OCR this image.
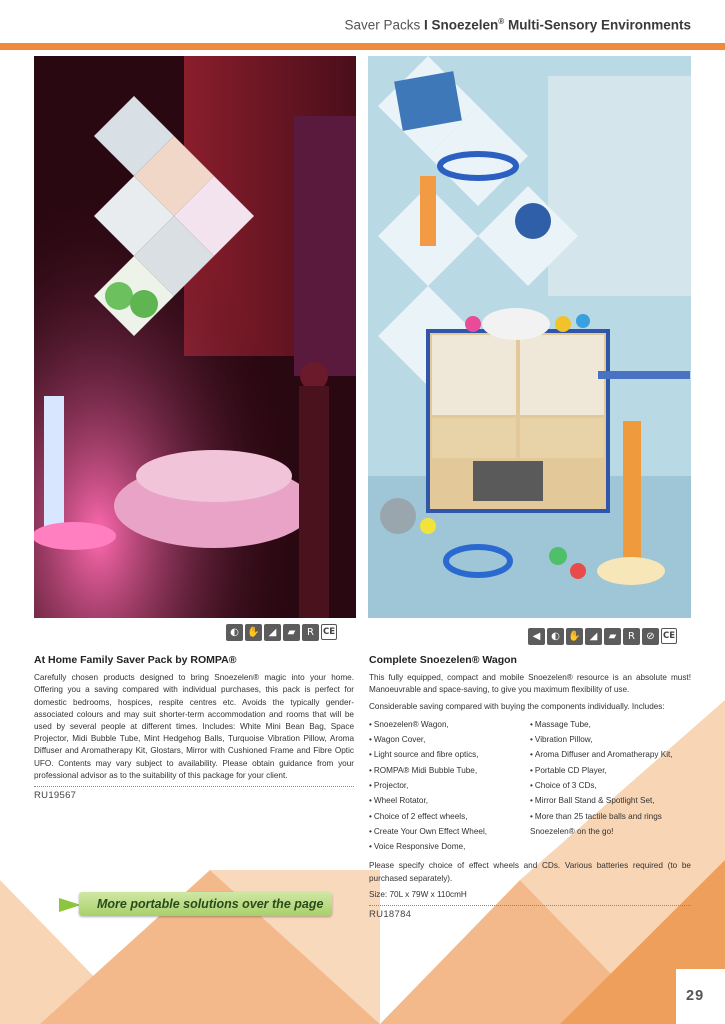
Saver Packs I Snoezelen® Multi-Sensory Environments
◐ ✋ ◢	▰	R	CE	◀	◐ ✋ ◢	▰	R	⊘ CE
At Home Family Saver Pack by ROMPA®
Carefully chosen products designed to bring Snoezelen® magic into your home. Offering you a saving compared with individual purchases, this pack is perfect for domestic bedrooms, hospices, respite centres etc. Avoids the typically gender-associated colours and may suit shorter-term accommodation and rooms that will be used by several people at different times. Includes: White Mini Bean Bag, Space Projector, Midi Bubble Tube, Mint Hedgehog Balls, Turquoise Vibration Pillow, Aroma Diffuser and Aromatherapy Kit, Glostars, Mirror with Cushioned Frame and Fibre Optic UFO. Contents may vary subject to availability. Please obtain guidance from your professional advisor as to the suitability of this package for your client.
RU19567
Complete Snoezelen® Wagon
This fully equipped, compact and mobile Snoezelen® resource is an absolute must! Manoeuvrable and space-saving, to give you maximum flexibility of use.
Considerable saving compared with buying the components individually. Includes:
• Snoezelen® Wagon,
• Wagon Cover,
• Light source and fibre optics,
• ROMPA® Midi Bubble Tube,
• Projector,
• Wheel Rotator,
• Choice of 2 effect wheels,
• Create Your Own Effect Wheel,
• Voice Responsive Dome,
• Massage Tube,
• Vibration Pillow,
• Aroma Diffuser and Aromatherapy Kit,
• Portable CD Player,
• Choice of 3 CDs,
• Mirror Ball Stand & Spotlight Set,
• More than 25 tactile balls and rings
Snoezelen® on the go!
Please specify choice of effect wheels and CDs. Various batteries required (to be purchased separately).
Size: 70L x 79W x 110cmH
RU18784
More portable solutions over the page
29
